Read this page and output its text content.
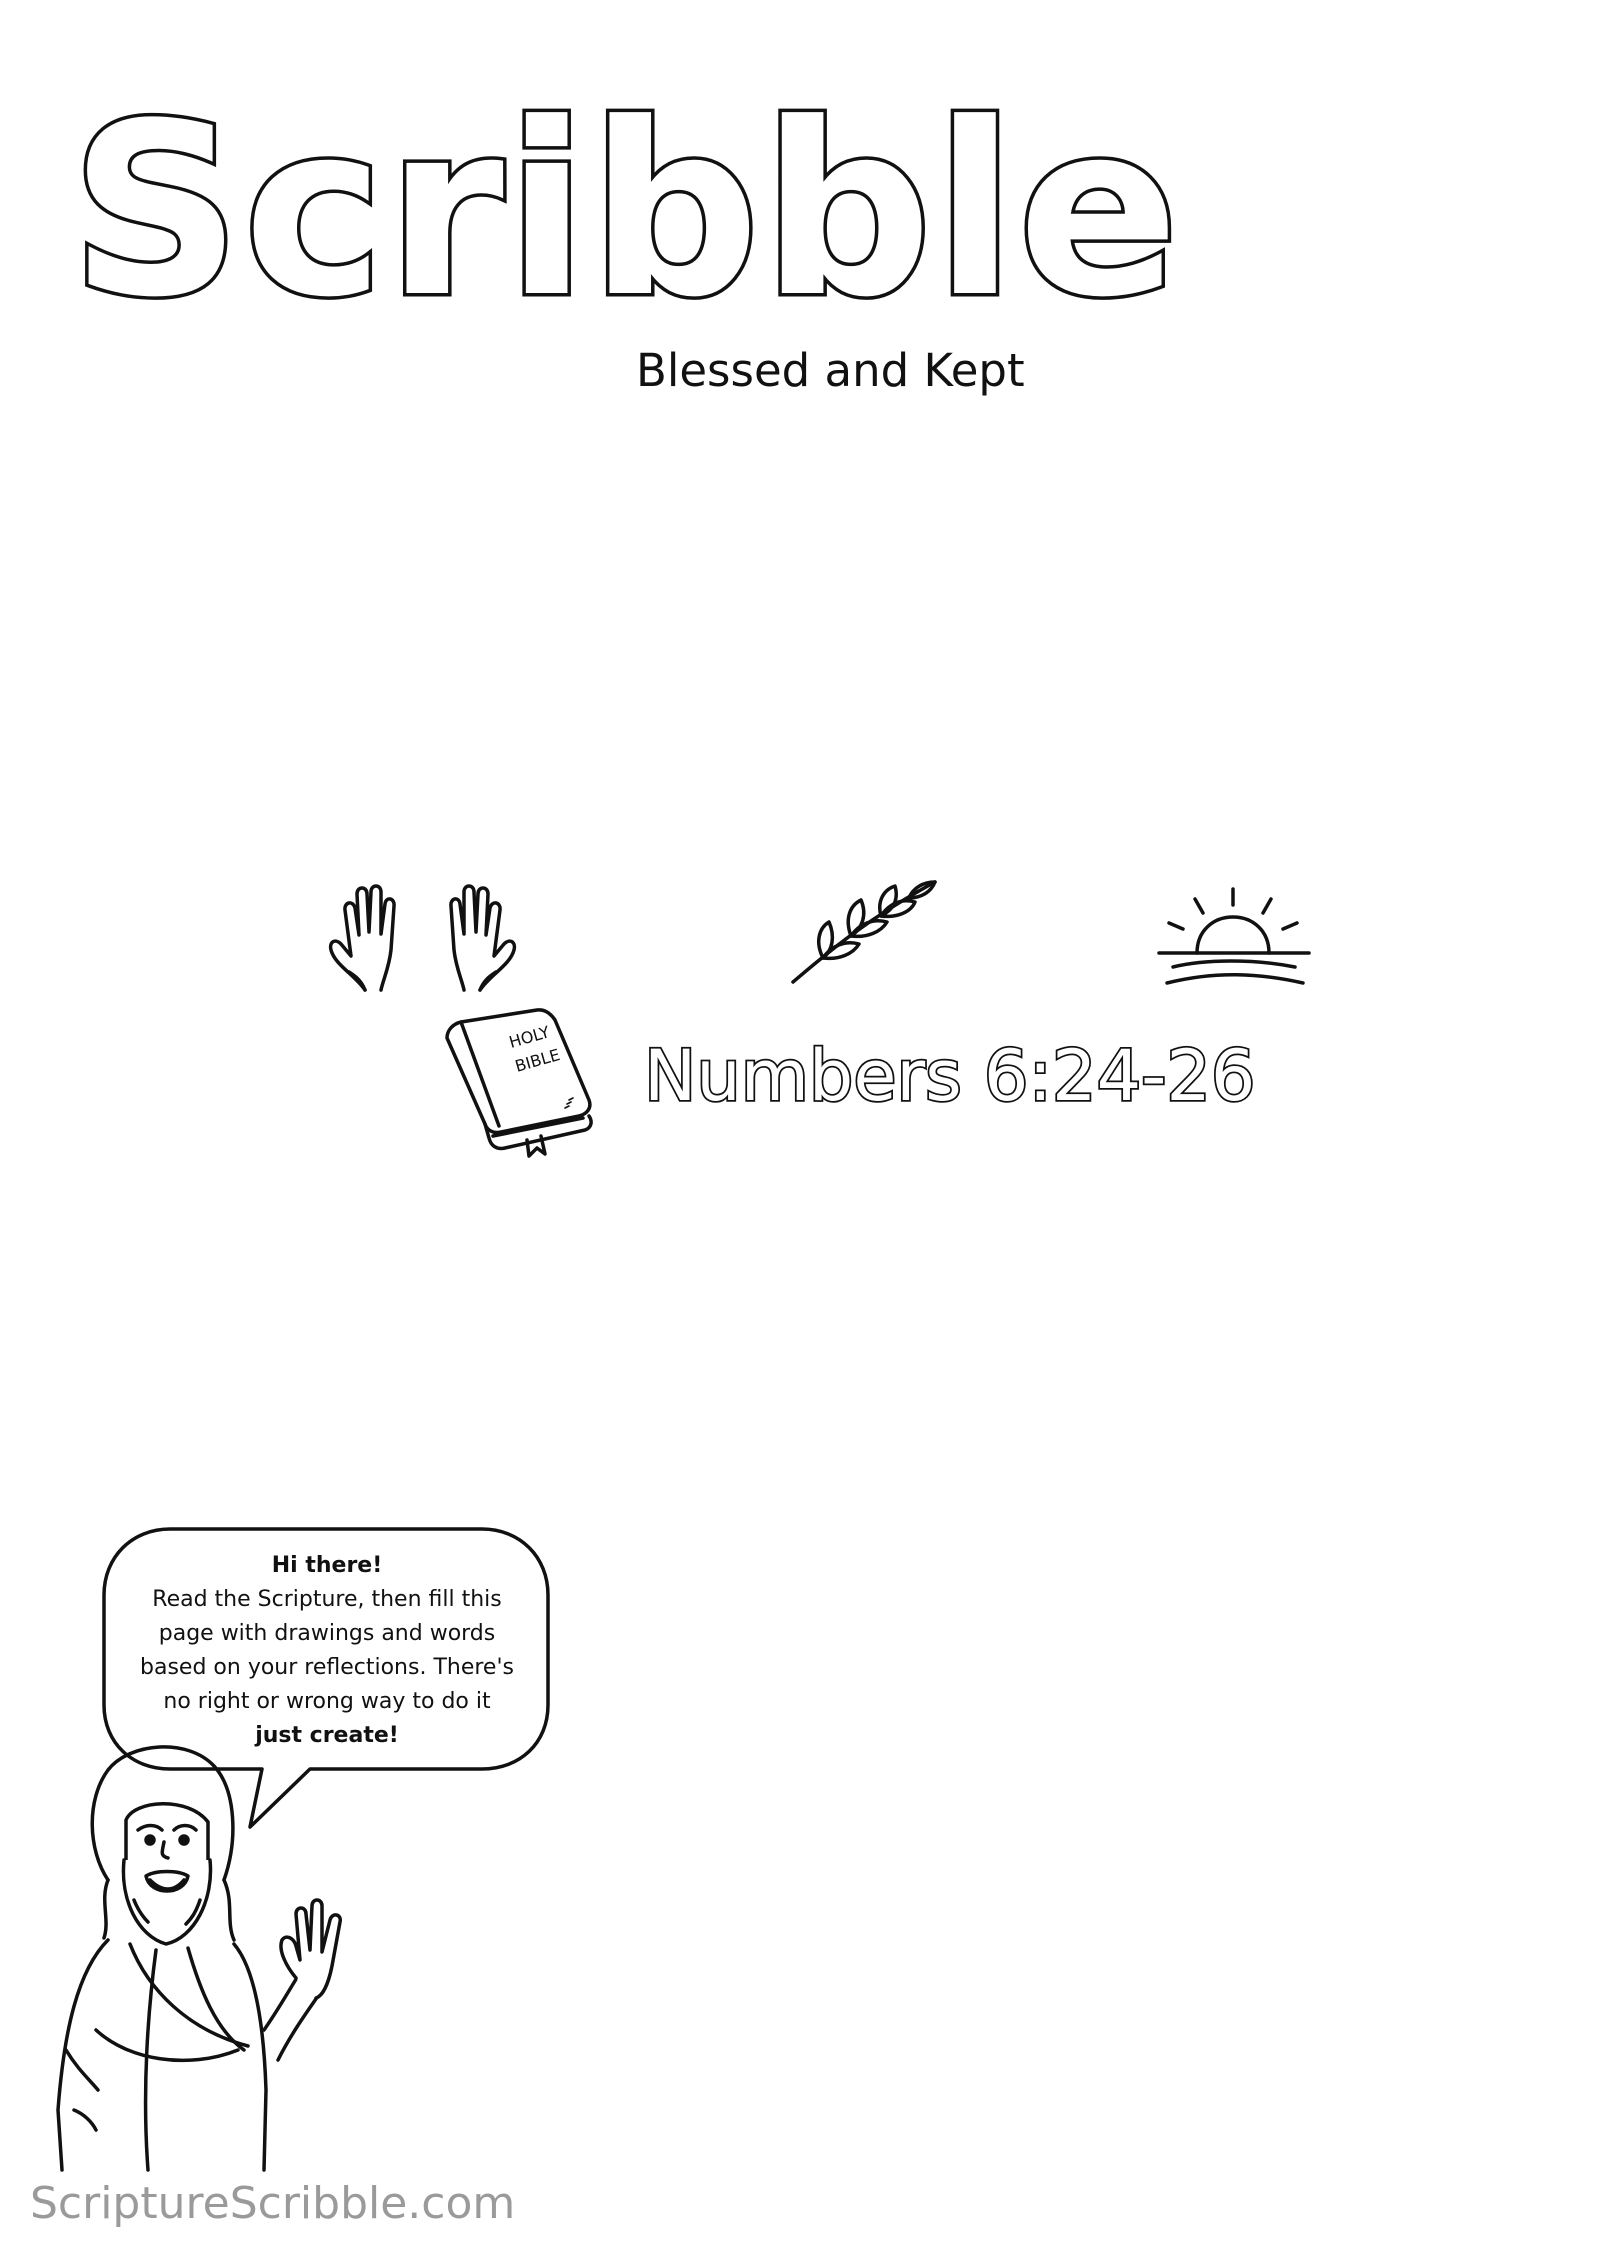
Scribble
Blessed and Kept
HOLY
BIBLE Numbers 6:24-26
Hi there!
Read the Scripture, then fill this
page with drawings and words
based on your reflections. There's
no right or wrong way to do it
just create!
ScriptureScribble.com
